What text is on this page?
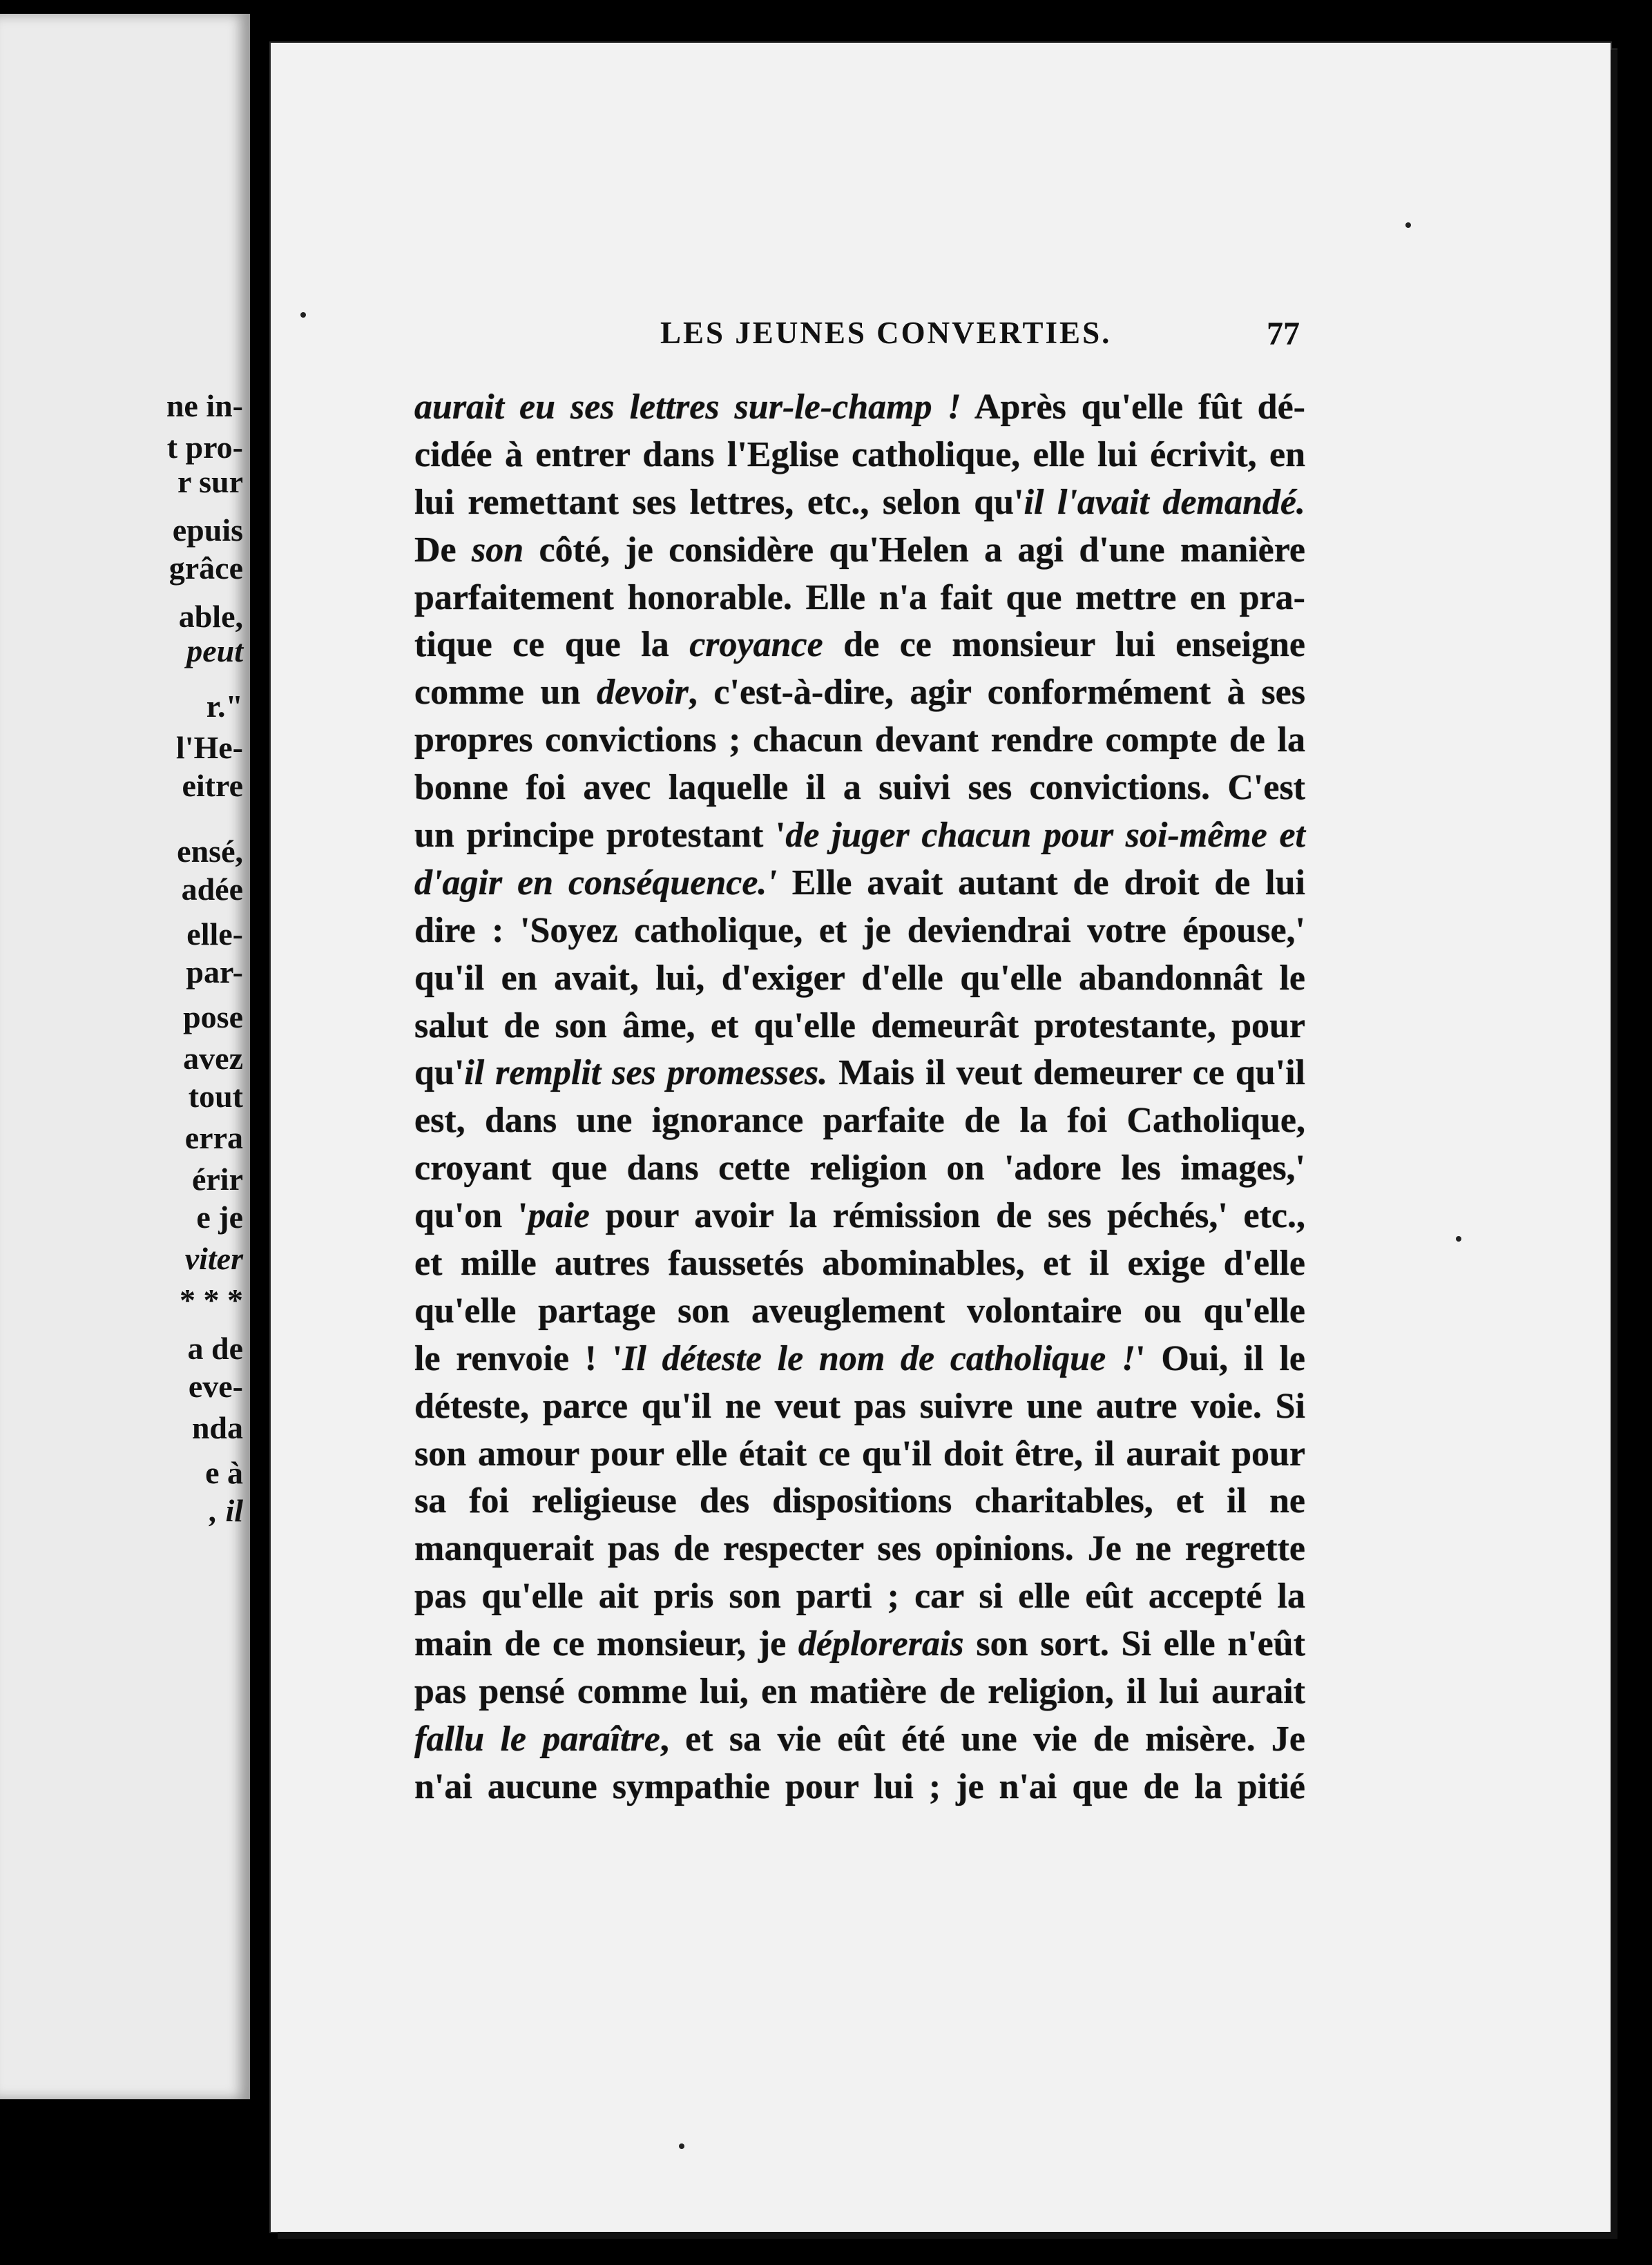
ne in-
t pro-
r sur
epuis
grâce
able,
peut
r."
l'He-
eitre
ensé,
adée
elle-
par-
pose
avez
tout
erra
érir
e je
viter
* * *
a de
eve-
nda
e à
, il
LES JEUNES CONVERTIES.	77
aurait eu ses lettres sur-le-champ ! Après qu'elle fût dé-
cidée à entrer dans l'Eglise catholique, elle lui écrivit, en
lui remettant ses lettres, etc., selon qu'il l'avait demandé.
De son côté, je considère qu'Helen a agi d'une manière
parfaitement honorable. Elle n'a fait que mettre en pra-
tique ce que la croyance de ce monsieur lui enseigne
comme un devoir, c'est-à-dire, agir conformément à ses
propres convictions ; chacun devant rendre compte de la
bonne foi avec laquelle il a suivi ses convictions. C'est
un principe protestant 'de juger chacun pour soi-même et
d'agir en conséquence.' Elle avait autant de droit de lui
dire : 'Soyez catholique, et je deviendrai votre épouse,'
qu'il en avait, lui, d'exiger d'elle qu'elle abandonnât le
salut de son âme, et qu'elle demeurât protestante, pour
qu'il remplit ses promesses. Mais il veut demeurer ce qu'il
est, dans une ignorance parfaite de la foi Catholique,
croyant que dans cette religion on 'adore les images,'
qu'on 'paie pour avoir la rémission de ses péchés,' etc.,
et mille autres faussetés abominables, et il exige d'elle
qu'elle partage son aveuglement volontaire ou qu'elle
le renvoie ! 'Il déteste le nom de catholique !' Oui, il le
déteste, parce qu'il ne veut pas suivre une autre voie. Si
son amour pour elle était ce qu'il doit être, il aurait pour
sa foi religieuse des dispositions charitables, et il ne
manquerait pas de respecter ses opinions. Je ne regrette
pas qu'elle ait pris son parti ; car si elle eût accepté la
main de ce monsieur, je déplorerais son sort. Si elle n'eût
pas pensé comme lui, en matière de religion, il lui aurait
fallu le paraître, et sa vie eût été une vie de misère. Je
n'ai aucune sympathie pour lui ; je n'ai que de la pitié
